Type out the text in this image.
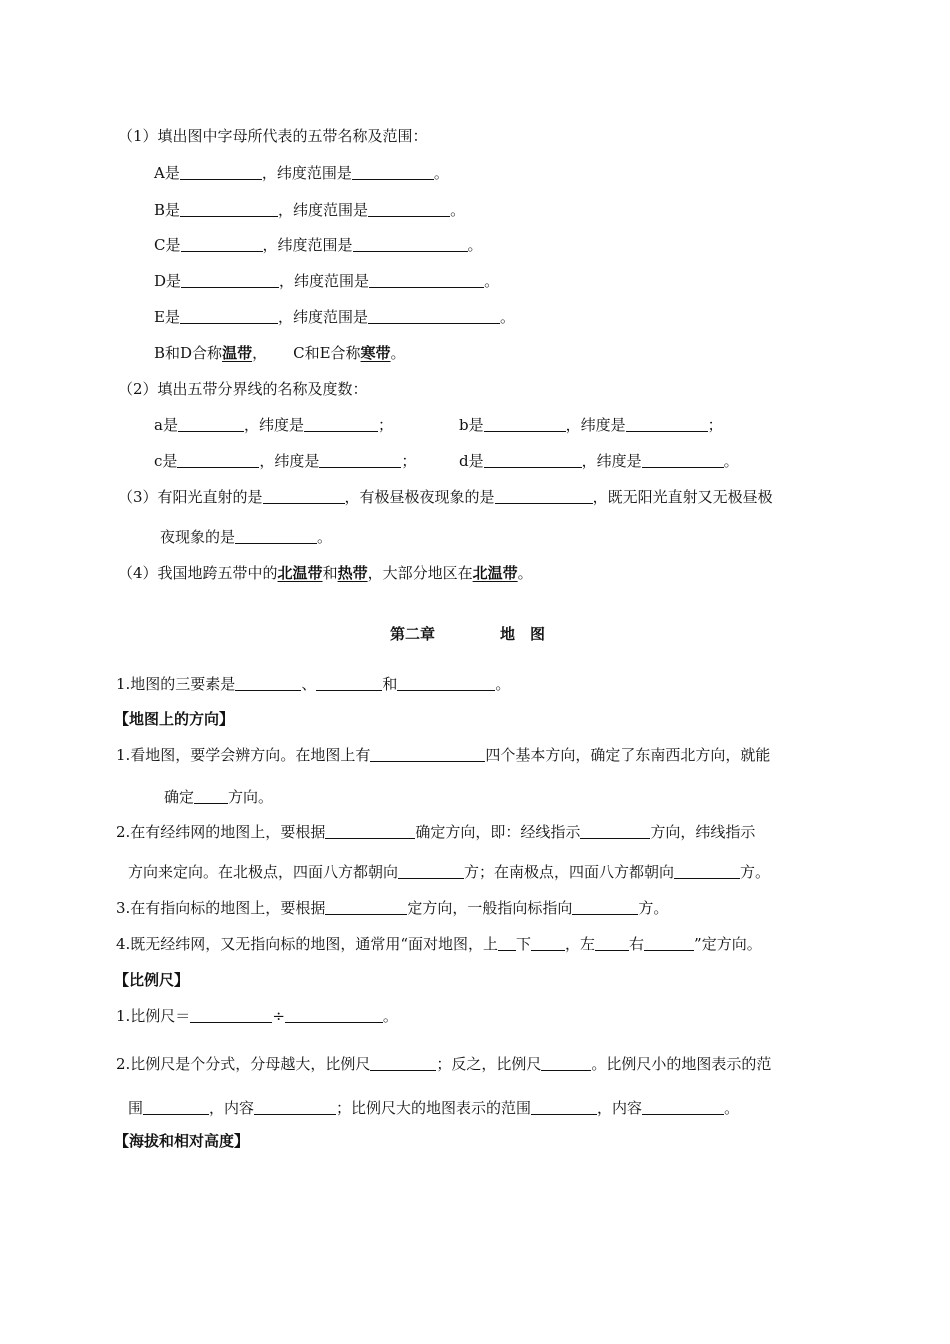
（1）填出图中字母所代表的五带名称及范围：
A是	，纬度范围是	。
B是	，纬度范围是	。
C是	，纬度范围是	。
D是	，纬度范围是	。
E是	，纬度范围是	。
B和D合称温带， C和E合称寒带。
（2）填出五带分界线的名称及度数：
a是	，纬度是	；	b是	，纬度是	；
c是	，纬度是	；	d是	，纬度是	。
（3）有阳光直射的是	，有极昼极夜现象的是	，既无阳光直射又无极昼极
夜现象的是	。
（4）我国地跨五带中的北温带和热带，大部分地区在北温带。
第二章	地　图
1.地图的三要素是	、	和	。
【地图上的方向】
1.看地图，要学会辨方向。在地图上有	四个基本方向，确定了东南西北方向，就能
确定 方向。
2.在有经纬网的地图上，要根据	确定方向，即：经线指示	方向，纬线指示
方向来定向。在北极点，四面八方都朝向	方；在南极点，四面八方都朝向	方。
3.在有指向标的地图上，要根据	定方向，一般指向标指向	方。
4.既无经纬网，又无指向标的地图，通常用“面对地图，上 下 ，左 右	”定方向。
【比例尺】
1.比例尺＝	÷	。
2.比例尺是个分式，分母越大，比例尺	；反之，比例尺	。比例尺小的地图表示的范
围	，内容	；比例尺大的地图表示的范围	，内容	。
【海拔和相对高度】
